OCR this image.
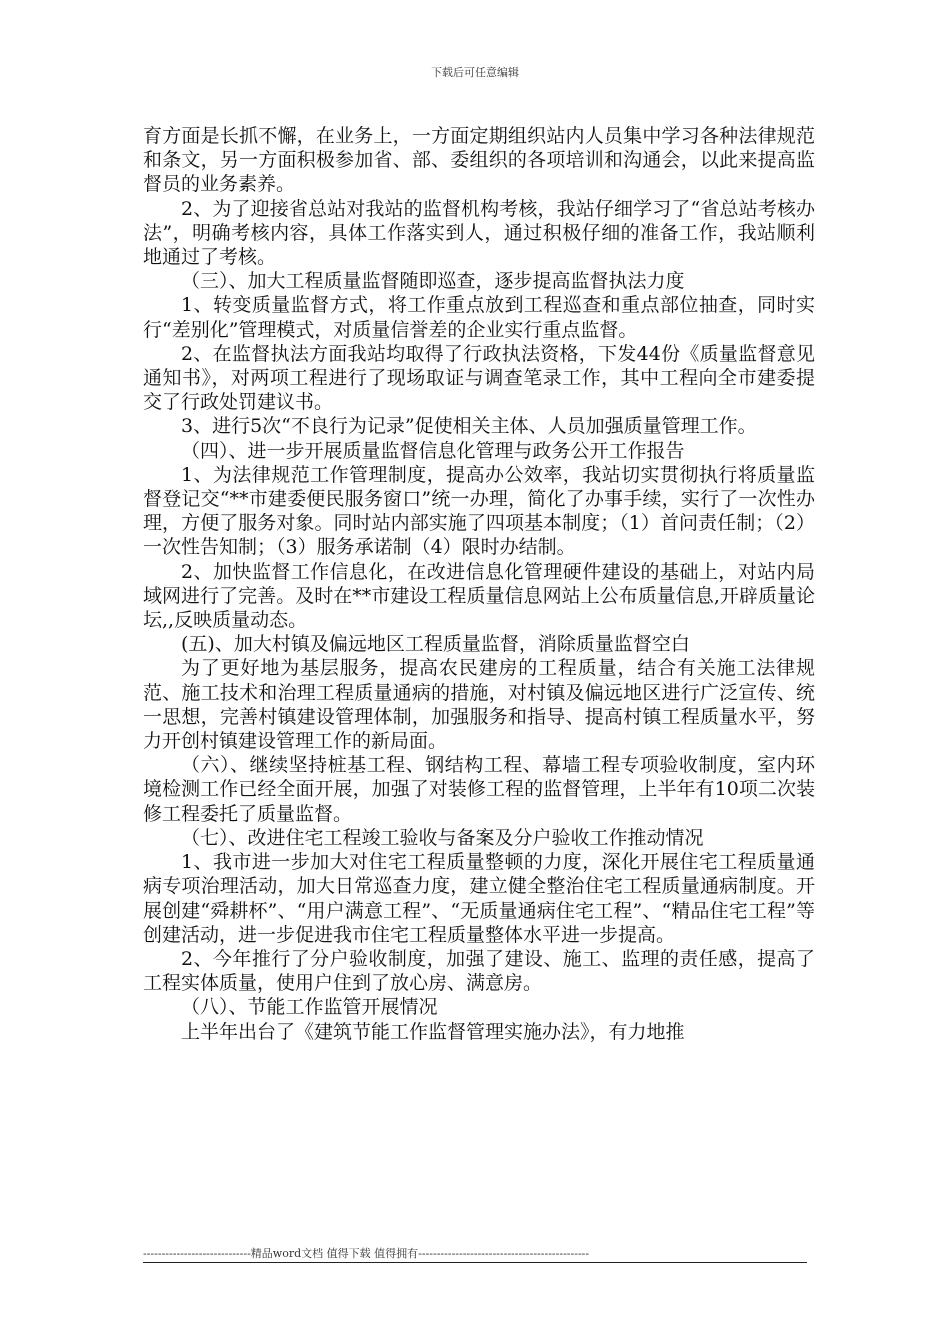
下载后可任意编辑

育方面是长抓不懈，在业务上，一方面定期组织站内人员集中学习各种法律规范和条文，另一方面积极参加省、部、委组织的各项培训和沟通会，以此来提高监督员的业务素养。

2、为了迎接省总站对我站的监督机构考核，我站仔细学习了“省总站考核办法”，明确考核内容，具体工作落实到人，通过积极仔细的准备工作，我站顺利地通过了考核。

（三）、加大工程质量监督随即巡查，逐步提高监督执法力度

1、转变质量监督方式，将工作重点放到工程巡查和重点部位抽查，同时实行“差别化”管理模式，对质量信誉差的企业实行重点监督。

2、在监督执法方面我站均取得了行政执法资格，下发44份《质量监督意见通知书》，对两项工程进行了现场取证与调查笔录工作，其中工程向全市建委提交了行政处罚建议书。

3、进行5次“不良行为记录”促使相关主体、人员加强质量管理工作。

（四）、进一步开展质量监督信息化管理与政务公开工作报告

1、为法律规范工作管理制度，提高办公效率，我站切实贯彻执行将质量监督登记交“**市建委便民服务窗口”统一办理，简化了办事手续，实行了一次性办理，方便了服务对象。同时站内部实施了四项基本制度；（1）首问责任制；（2）一次性告知制；（3）服务承诺制（4）限时办结制。

2、加快监督工作信息化，在改进信息化管理硬件建设的基础上，对站内局域网进行了完善。及时在**市建设工程质量信息网站上公布质量信息,开辟质量论坛,,反映质量动态。

(五)、加大村镇及偏远地区工程质量监督，消除质量监督空白

为了更好地为基层服务，提高农民建房的工程质量，结合有关施工法律规范、施工技术和治理工程质量通病的措施，对村镇及偏远地区进行广泛宣传、统一思想，完善村镇建设管理体制，加强服务和指导、提高村镇工程质量水平，努力开创村镇建设管理工作的新局面。

（六）、继续坚持桩基工程、钢结构工程、幕墙工程专项验收制度，室内环境检测工作已经全面开展，加强了对装修工程的监督管理，上半年有10项二次装修工程委托了质量监督。

（七）、改进住宅工程竣工验收与备案及分户验收工作推动情况

1、我市进一步加大对住宅工程质量整顿的力度，深化开展住宅工程质量通病专项治理活动，加大日常巡查力度，建立健全整治住宅工程质量通病制度。开展创建“舜耕杯”、“用户满意工程”、“无质量通病住宅工程”、“精品住宅工程”等创建活动，进一步促进我市住宅工程质量整体水平进一步提高。

2、今年推行了分户验收制度，加强了建设、施工、监理的责任感，提高了工程实体质量，使用户住到了放心房、满意房。

（八）、节能工作监管开展情况

上半年出台了《建筑节能工作监督管理实施办法》，有力地推

-----------------------------精品word文档 值得下载 值得拥有----------------------------------------------
